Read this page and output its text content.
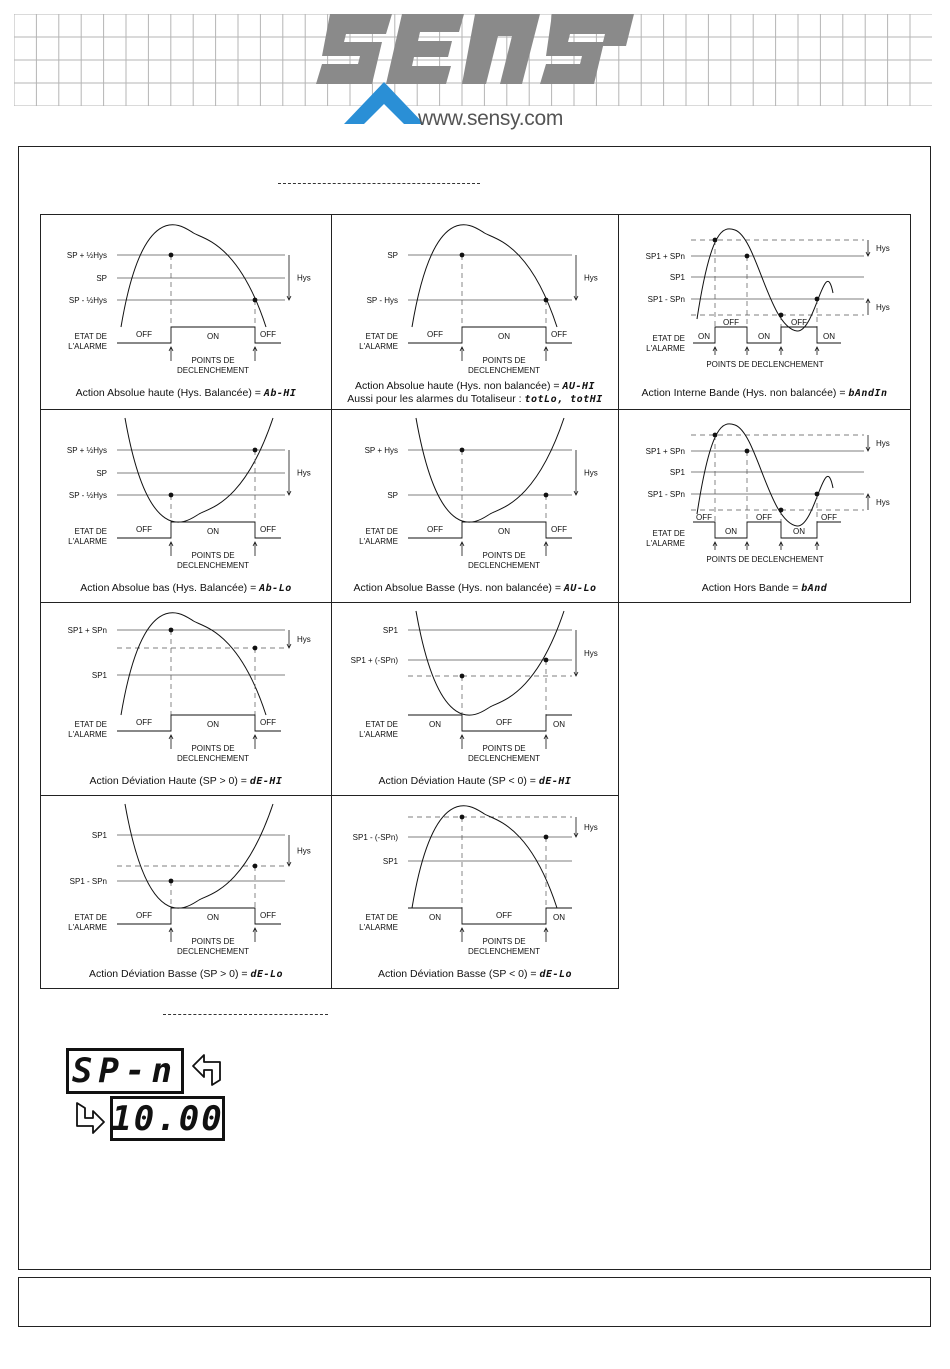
www.sensy.com
SP + ½Hys
SP
SP - ½Hys
Hys
OFF	ON	OFF
ETAT DE
L'ALARME
POINTS DE
DECLENCHEMENT
Action Absolue haute (Hys. Balancée) = Ab-HI
SP
SP - Hys
Hys
OFF	ON	OFF
ETAT DE
L'ALARME
POINTS DE
DECLENCHEMENT
Action Absolue haute (Hys. non balancée) = AU-HI
Aussi pour les alarmes du Totaliseur : totLo, totHI
SP1 + SPn
SP1
SP1 - SPn
Hys
Hys
ON
OFF
ON
OFF
ON
ETAT DE
L'ALARME
POINTS DE DECLENCHEMENT
Action Interne Bande (Hys. non balancée) = bAndIn
SP + ½Hys
SP
SP - ½Hys
Hys
OFF	ON	OFF
ETAT DE
L'ALARME
POINTS DE
DECLENCHEMENT
Action Absolue bas (Hys. Balancée) = Ab-Lo
SP + Hys
SP
Hys
OFF	ON	OFF
ETAT DE
L'ALARME
POINTS DE
DECLENCHEMENT
Action Absolue Basse (Hys. non balancée) = AU-Lo
SP1 + SPn
SP1
SP1 - SPn
Hys
Hys
OFF
ON
OFF
ON
OFF
ETAT DE
L'ALARME
POINTS DE DECLENCHEMENT
Action Hors Bande = bAnd
SP1 + SPn
SP1
Hys
OFF	ON	OFF
ETAT DE
L'ALARME
POINTS DE
DECLENCHEMENT
Action Déviation Haute (SP > 0) = dE-HI
SP1
SP1 + (-SPn)
Hys
ON	OFF	ON
ETAT DE
L'ALARME
POINTS DE
DECLENCHEMENT
Action Déviation Haute (SP < 0) = dE-HI
SP1
SP1 - SPn
Hys
OFF	ON	OFF
ETAT DE
L'ALARME
POINTS DE
DECLENCHEMENT
Action Déviation Basse (SP > 0) = dE-Lo
SP1 - (-SPn)
SP1
Hys
ON	OFF	ON
ETAT DE
L'ALARME
POINTS DE
DECLENCHEMENT
Action Déviation Basse (SP < 0) = dE-Lo
SP-n
10.00
